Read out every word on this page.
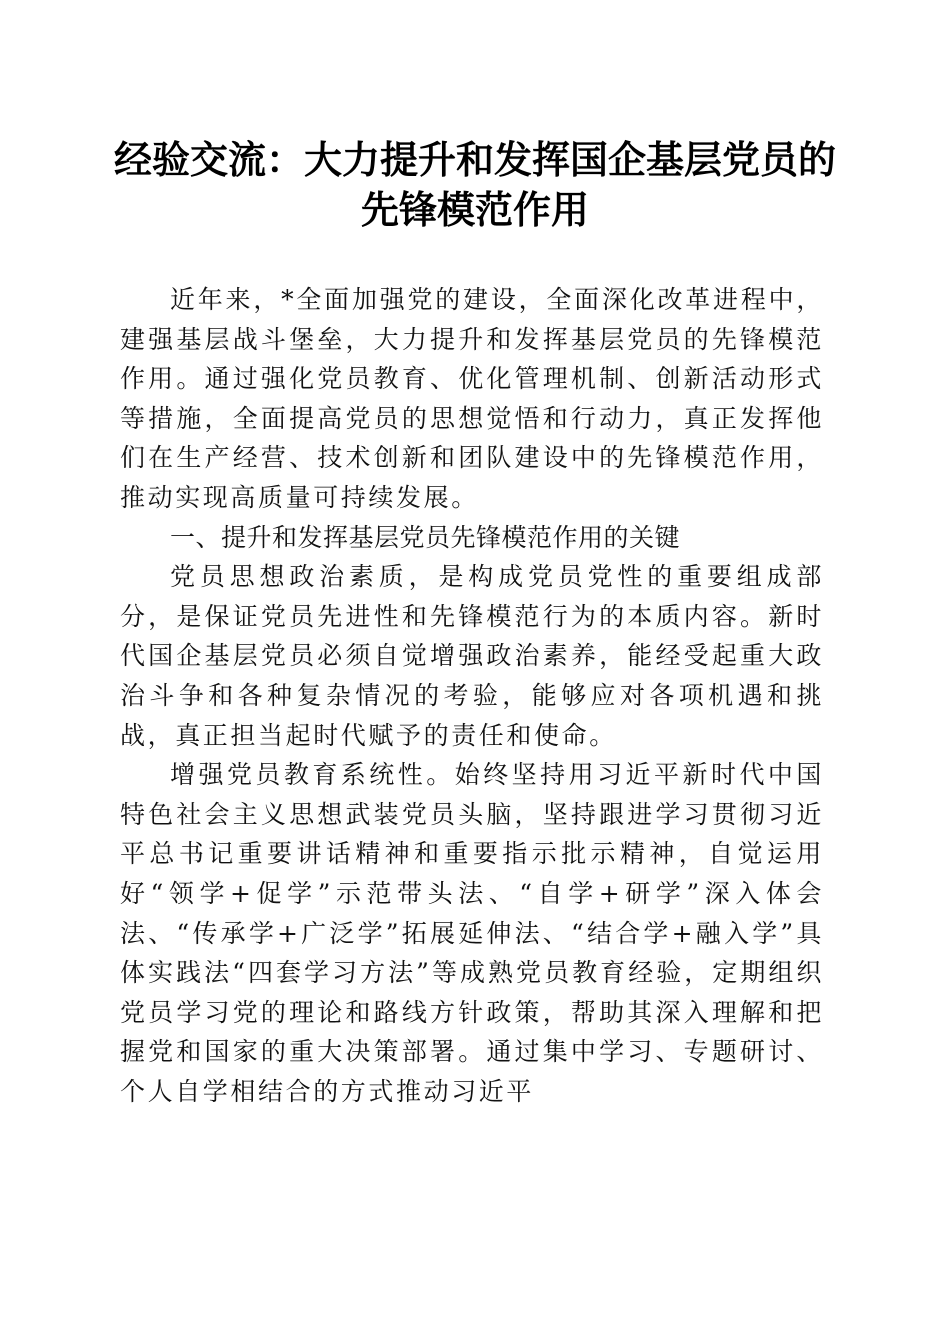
经验交流：大力提升和发挥国企基层党员的先锋模范作用

近年来，*全面加强党的建设，全面深化改革进程中，建强基层战斗堡垒，大力提升和发挥基层党员的先锋模范作用。通过强化党员教育、优化管理机制、创新活动形式等措施，全面提高党员的思想觉悟和行动力，真正发挥他们在生产经营、技术创新和团队建设中的先锋模范作用，推动实现高质量可持续发展。

一、提升和发挥基层党员先锋模范作用的关键

党员思想政治素质，是构成党员党性的重要组成部分，是保证党员先进性和先锋模范行为的本质内容。新时代国企基层党员必须自觉增强政治素养，能经受起重大政治斗争和各种复杂情况的考验，能够应对各项机遇和挑战，真正担当起时代赋予的责任和使命。

增强党员教育系统性。始终坚持用习近平新时代中国特色社会主义思想武装党员头脑，坚持跟进学习贯彻习近平总书记重要讲话精神和重要指示批示精神，自觉运用好“领学+促学”示范带头法、“自学+研学”深入体会法、“传承学+广泛学”拓展延伸法、“结合学+融入学”具体实践法“四套学习方法”等成熟党员教育经验，定期组织党员学习党的理论和路线方针政策，帮助其深入理解和把握党和国家的重大决策部署。通过集中学习、专题研讨、个人自学相结合的方式推动习近平
